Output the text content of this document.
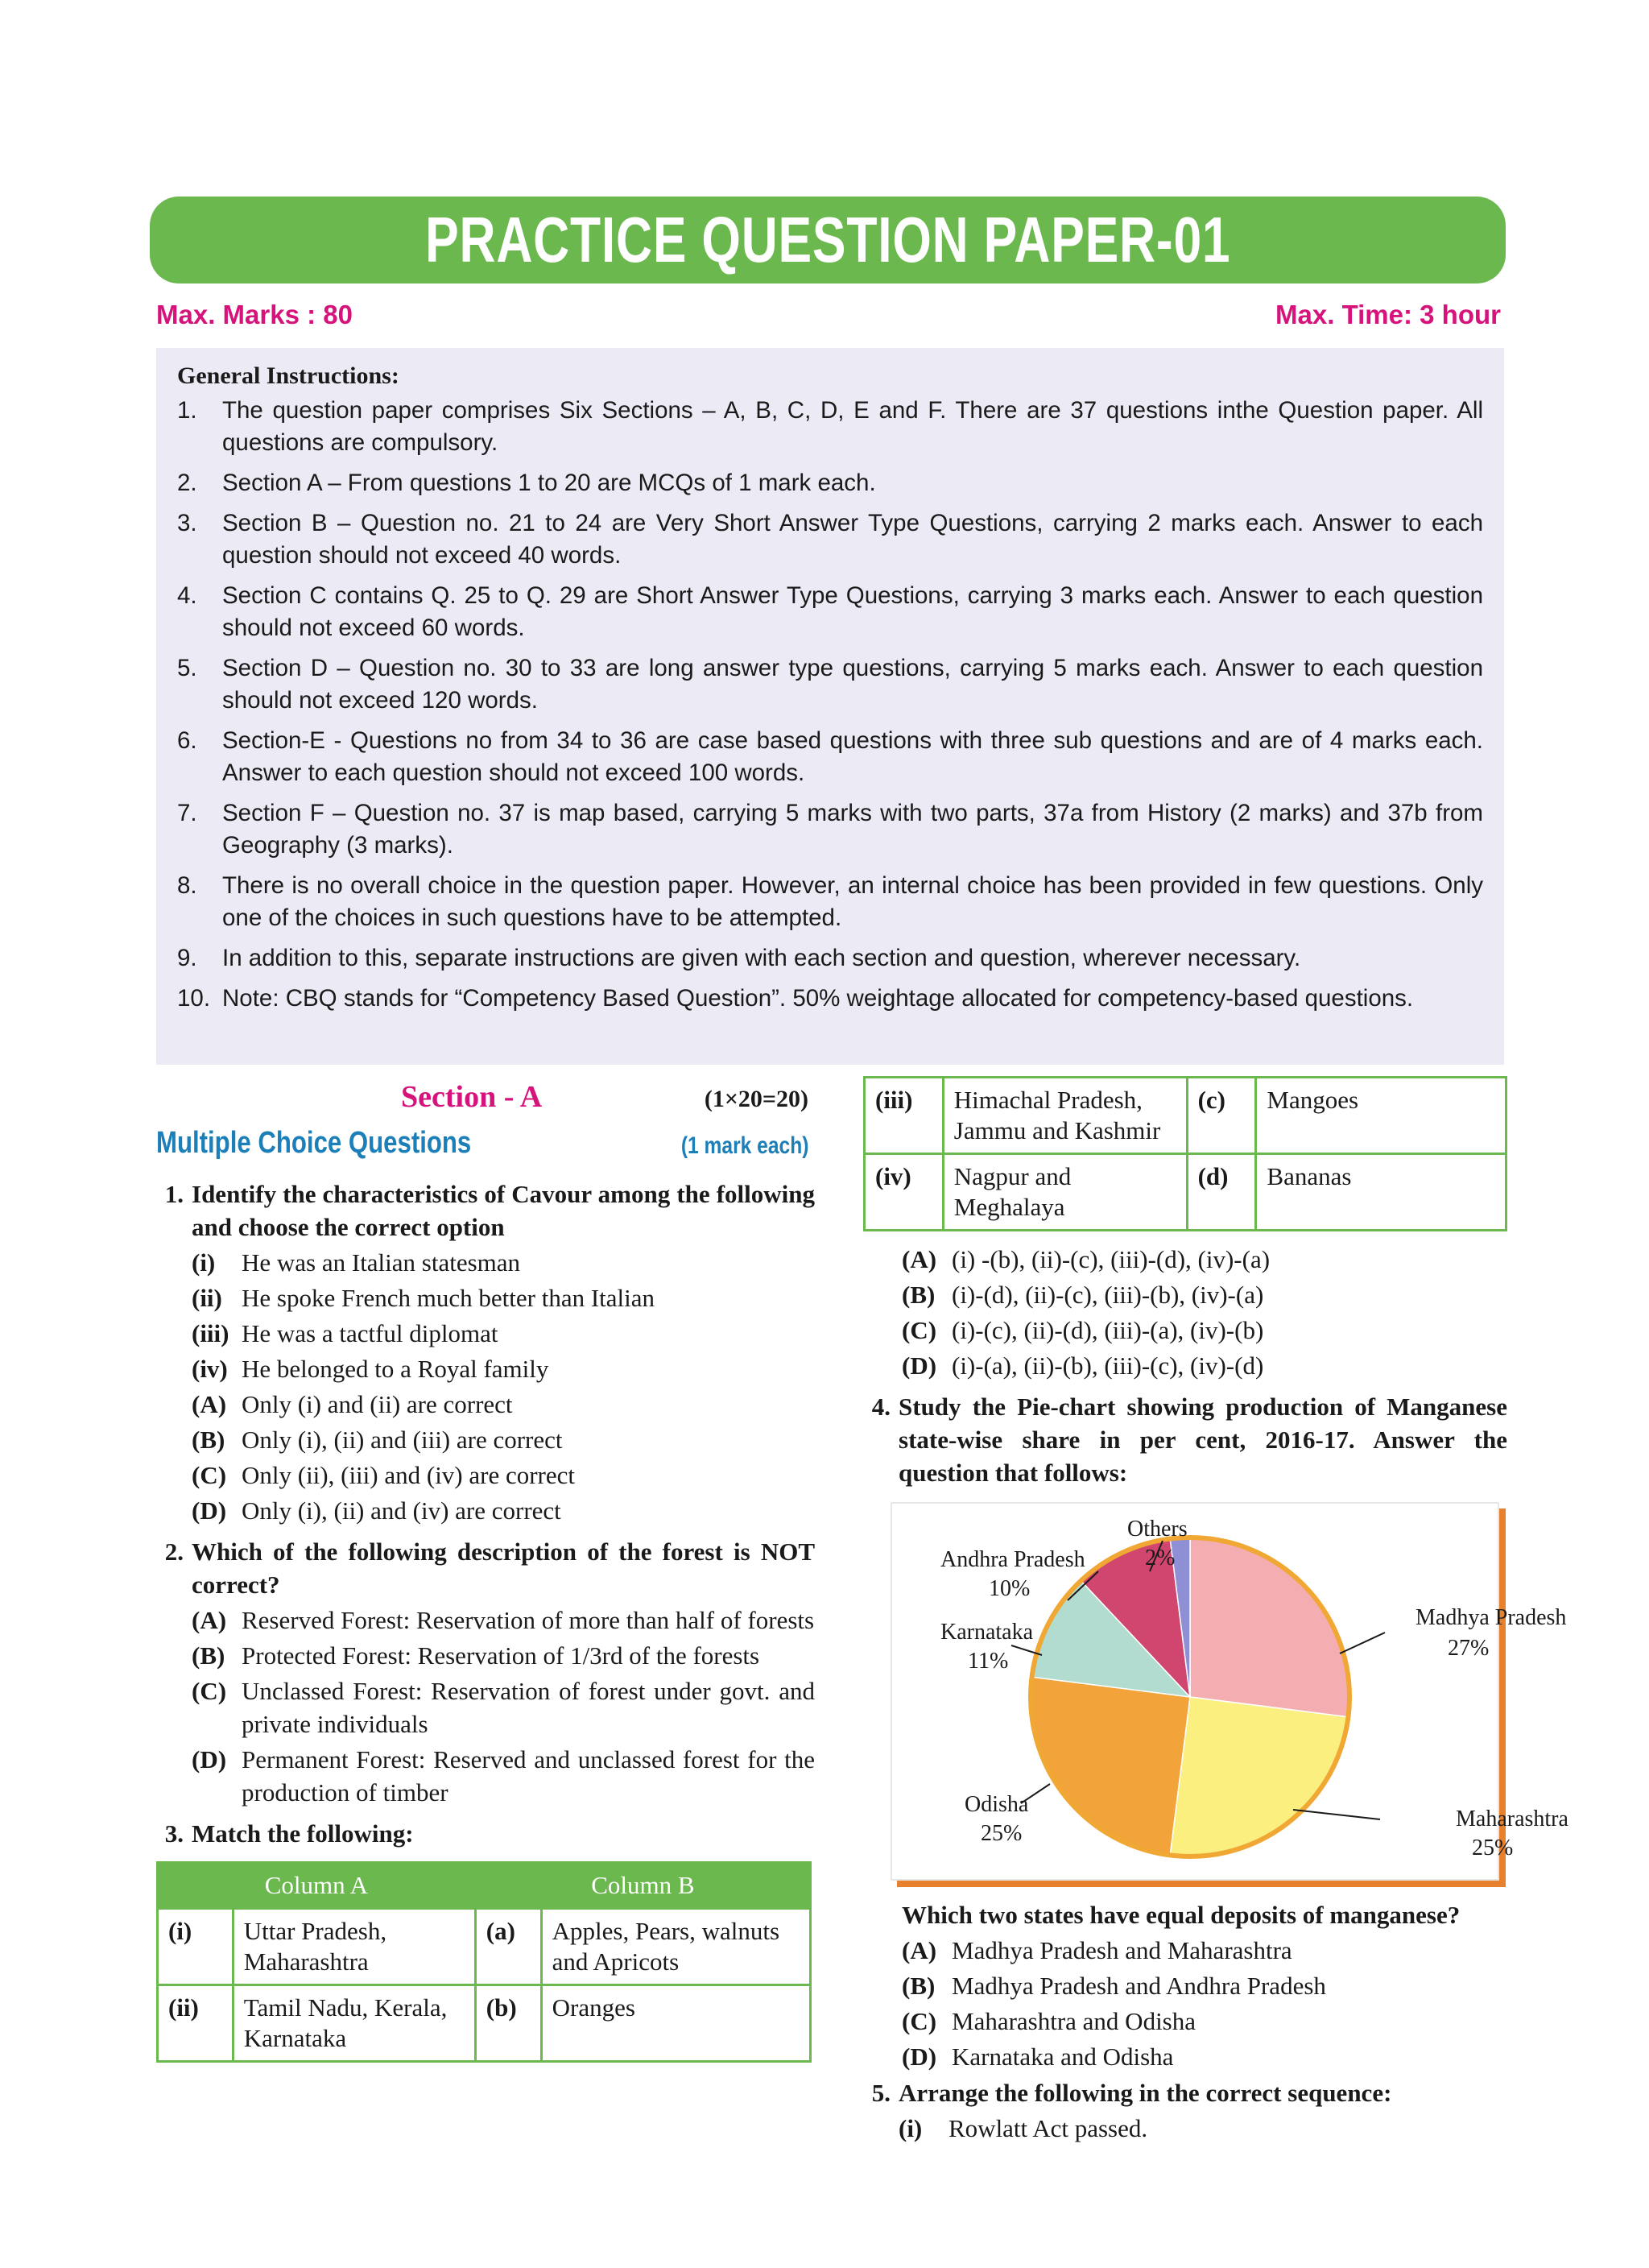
PRACTICE QUESTION PAPER-01
Max. Marks : 80	Max. Time: 3 hour
General Instructions:
1.	The question paper comprises Six Sections – A, B, C, D, E and F. There are 37 questions inthe Question paper. All questions are compulsory.
2.	Section A – From questions 1 to 20 are MCQs of 1 mark each.
3.	Section B – Question no. 21 to 24 are Very Short Answer Type Questions, carrying 2 marks each. Answer to each question should not exceed 40 words.
4.	Section C contains Q. 25 to Q. 29 are Short Answer Type Questions, carrying 3 marks each. Answer to each question should not exceed 60 words.
5.	Section D – Question no. 30 to 33 are long answer type questions, carrying 5 marks each. Answer to each question should not exceed 120 words.
6.	Section-E - Questions no from 34 to 36 are case based questions with three sub questions and are of 4 marks each. Answer to each question should not exceed 100 words.
7.	Section F – Question no. 37 is map based, carrying 5 marks with two parts, 37a from History (2 marks) and 37b from Geography (3 marks).
8.	There is no overall choice in the question paper. However, an internal choice has been provided in few questions. Only one of the choices in such questions have to be attempted.
9.	In addition to this, separate instructions are given with each section and question, wherever necessary.
10. Note: CBQ stands for “Competency Based Question”. 50% weightage allocated for competency-based questions.
Section - A	(1×20=20)
Multiple Choice Questions	(1 mark each)
1. Identify the characteristics of Cavour among the following and choose the correct option
(i)	He was an Italian statesman
(ii) He spoke French much better than Italian
(iii) He was a tactful diplomat
(iv) He belonged to a Royal family
(A) Only (i) and (ii) are correct
(B) Only (i), (ii) and (iii) are correct
(C) Only (ii), (iii) and (iv) are correct
(D) Only (i), (ii) and (iv) are correct
2. Which of the following description of the forest is NOT correct?
(A) Reserved Forest: Reservation of more than half of forests
(B) Protected Forest: Reservation of 1/3rd of the forests
(C) Unclassed Forest: Reservation of forest under govt. and private individuals
(D) Permanent Forest: Reserved and unclassed forest for the production of timber
3. Match the following:
Column A		Column B	
(i)	Uttar Pradesh, Maharashtra	(a)	Apples, Pears, walnuts and Apricots
(ii)	Tamil Nadu, Kerala, Karnataka	(b)	Oranges
(iii)	Himachal Pradesh, Jammu and Kashmir	(c)	Mangoes
(iv)	Nagpur and Meghalaya	(d)	Bananas
(A) (i) -(b), (ii)-(c), (iii)-(d), (iv)-(a)
(B) (i)-(d), (ii)-(c), (iii)-(b), (iv)-(a)
(C) (i)-(c), (ii)-(d), (iii)-(a), (iv)-(b)
(D) (i)-(a), (ii)-(b), (iii)-(c), (iv)-(d)
4. Study the Pie-chart showing production of Manganese state-wise share in per cent, 2016-17. Answer the question that follows:
Madhya Pradesh
27%
Maharashtra
25%
Odisha
25%
Karnataka
11%
Andhra Pradesh
10%
Others
2%
Which two states have equal deposits of manganese?
(A) Madhya Pradesh and Maharashtra
(B) Madhya Pradesh and Andhra Pradesh
(C) Maharashtra and Odisha
(D) Karnataka and Odisha
5. Arrange the following in the correct sequence:
(i)	Rowlatt Act passed.
